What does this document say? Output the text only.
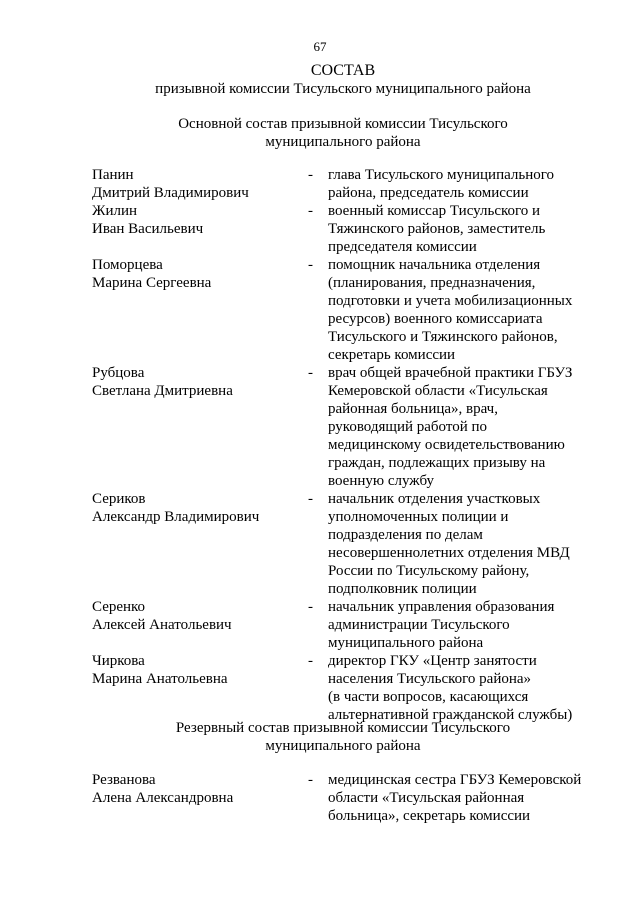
67
СОСТАВ
призывной комиссии Тисульского муниципального района
Основной состав призывной комиссии Тисульского
муниципального района
Панин
Дмитрий Владимирович
- глава Тисульского муниципального
района, председатель комиссии
Жилин
Иван Васильевич
- военный комиссар Тисульского и
Тяжинского районов, заместитель
председателя комиссии
Поморцева
Марина Сергеевна
- помощник начальника отделения
(планирования, предназначения,
подготовки и учета мобилизационных
ресурсов) военного комиссариата
Тисульского и Тяжинского районов,
секретарь комиссии
Рубцова
Светлана Дмитриевна
- врач общей врачебной практики ГБУЗ
Кемеровской области «Тисульская
районная больница», врач,
руководящий работой по
медицинскому освидетельствованию
граждан, подлежащих призыву на
военную службу
Сериков
Александр Владимирович
- начальник отделения участковых
уполномоченных полиции и
подразделения по делам
несовершеннолетних отделения МВД
России по Тисульскому району,
подполковник полиции
Серенко
Алексей Анатольевич
- начальник управления образования
администрации Тисульского
муниципального района
Чиркова
Марина Анатольевна
- директор ГКУ «Центр занятости
населения Тисульского района»
(в части вопросов, касающихся
альтернативной гражданской службы)
Резервный состав призывной комиссии Тисульского
муниципального района
Резванова
Алена Александровна
- медицинская сестра ГБУЗ Кемеровской
области «Тисульская районная
больница», секретарь комиссии
